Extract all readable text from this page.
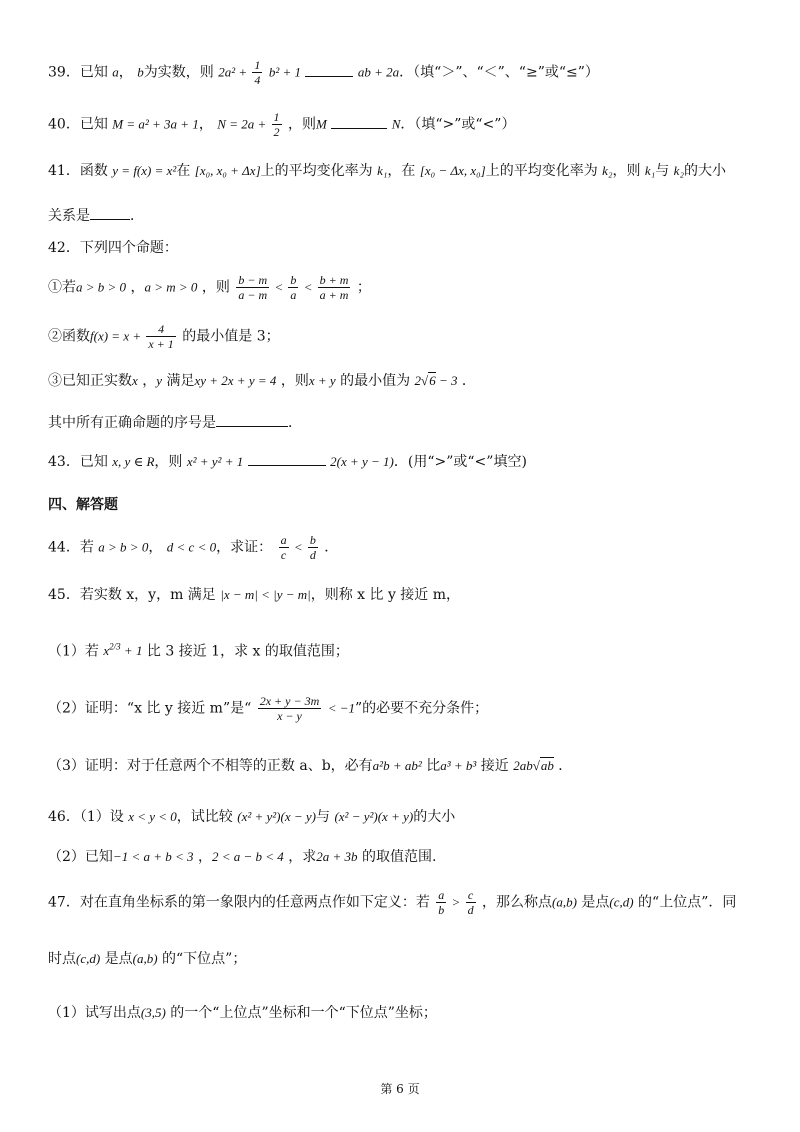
39．已知 a， b为实数，则 $2a^2 + \frac{1}{4} b^2 + 1$	ab + 2a．（填“＞”、“＜”、“≥”或“≤”）
40．已知 M = a² + 3a + 1， $N = 2a + \frac{1}{2}$ ，则M	N．（填“>”或“<”）
41．函数 y = f(x) = x²在 [x₀, x₀ + Δx]上的平均变化率为 k₁，在 [x₀ − Δx, x₀]上的平均变化率为 k₂，则 k₁与 k₂的大小
关系是	．
42．下列四个命题：
①若a > b > 0 ，a > m > 0 ，则 $\frac{b - m}{a - m} < \frac{b}{a} < \frac{b + m}{a + m}$ ；
②函数$f(x) = x + \frac{4}{x + 1}$ 的最小值是 3；
③已知正实数x ，y 满足xy + 2x + y = 4 ，则x + y 的最小值为 2√6 − 3 ．
其中所有正确命题的序号是	．
43．已知 x, y ∈ R，则 x² + y² + 1	2(x + y − 1)．(用“>”或“<”填空)
四、解答题
44．若 a > b > 0， d < c < 0，求证： $\frac{a}{c} < \frac{b}{d}$ ．
45．若实数 x，y，m 满足 |x − m| < |y − m|，则称 x 比 y 接近 m，
（1）若 $x^{2/3} + 1$ 比 3 接近 1，求 x 的取值范围；
（2）证明：“x 比 y 接近 m”是“ $\frac{2x + y - 3m}{x - y} < -1$”的必要不充分条件；
（3）证明：对于任意两个不相等的正数 a、b，必有a²b + ab² 比a³ + b³ 接近 2ab√ab ．
46．（1）设 x < y < 0，试比较 (x² + y²)(x − y)与 (x² − y²)(x + y)的大小
（2）已知−1 < a + b < 3 ，2 < a − b < 4 ，求2a + 3b 的取值范围.
47．对在直角坐标系的第一象限内的任意两点作如下定义：若 $\frac{a}{b} > \frac{c}{d}$ ，那么称点(a,b) 是点(c,d) 的“上位点”．同
时点(c,d) 是点(a,b) 的“下位点”；
（1）试写出点(3,5) 的一个“上位点”坐标和一个“下位点”坐标；
第 6 页
